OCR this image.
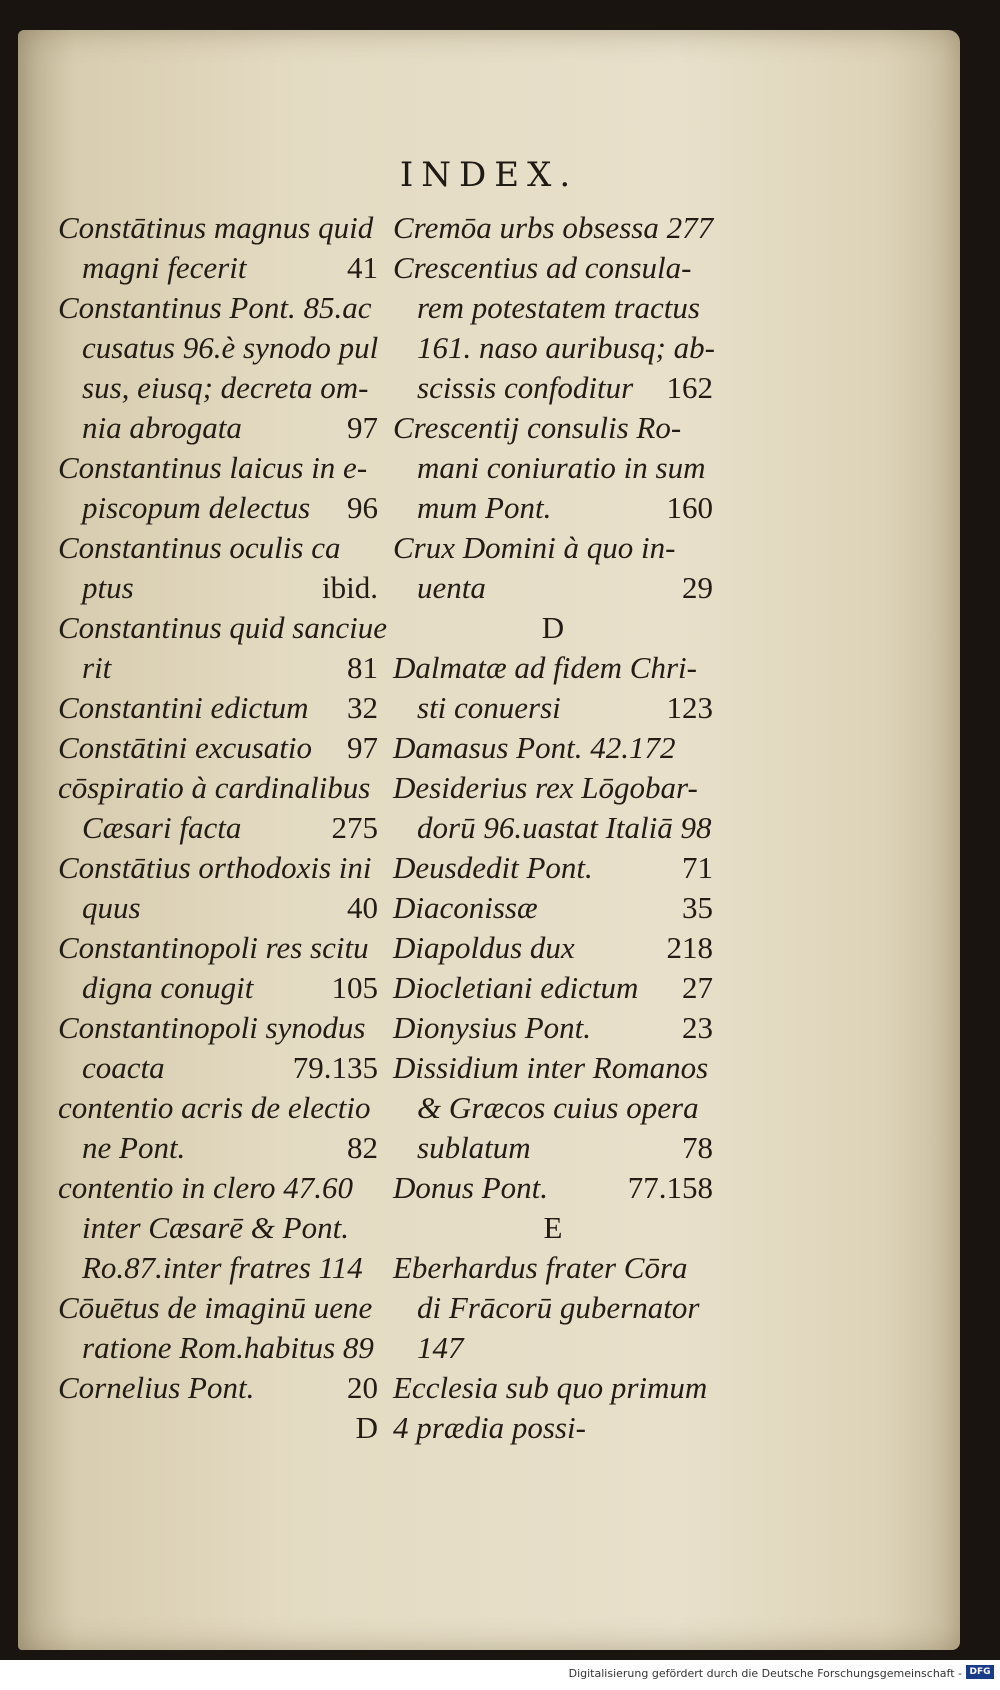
INDEX.
Constātinus magnus quid
magni fecerit	41
Constantinus Pont. 85.ac
cusatus 96.è synodo pul
sus, eiusq; decreta om-
nia abrogata	97
Constantinus laicus in e-
piscopum delectus 96
Constantinus oculis ca
ptus	ibid.
Constantinus quid sanciue
rit	81
Constantini edictum 32
Constātini excusatio 97
cōspiratio à cardinalibus
Cæsari facta	275
Constātius orthodoxis ini
quus	40
Constantinopoli res scitu
digna conugit	105
Constantinopoli synodus
coacta	79.135
contentio acris de electio
ne Pont.	82
contentio in clero 47.60
inter Cæsarē & Pont.
Ro.87.inter fratres 114
Cōuētus de imaginū uene
ratione Rom.habitus 89
Cornelius Pont.	20
D
Cremōa urbs obsessa 277
Crescentius ad consula-
rem potestatem tractus
161. naso auribusq; ab-
scissis confoditur 162
Crescentij consulis Ro-
mani coniuratio in sum
mum Pont.	160
Crux Domini à quo in-
uenta	29
D
Dalmatæ ad fidem Chri-
sti conuersi	123
Damasus Pont. 42.172
Desiderius rex Lōgobar-
dorū 96.uastat Italiā 98
Deusdedit Pont.	71
Diaconissæ	35
Diapoldus dux	218
Diocletiani edictum 27
Dionysius Pont.	23
Dissidium inter Romanos
& Græcos cuius opera
sublatum	78
Donus Pont.	77.158
E
Eberhardus frater Cōra
di Frācorū gubernator
147
Ecclesia sub quo primum
4 prædia possi-
Digitalisierung gefördert durch die Deutsche Forschungsgemeinschaft - DFG
